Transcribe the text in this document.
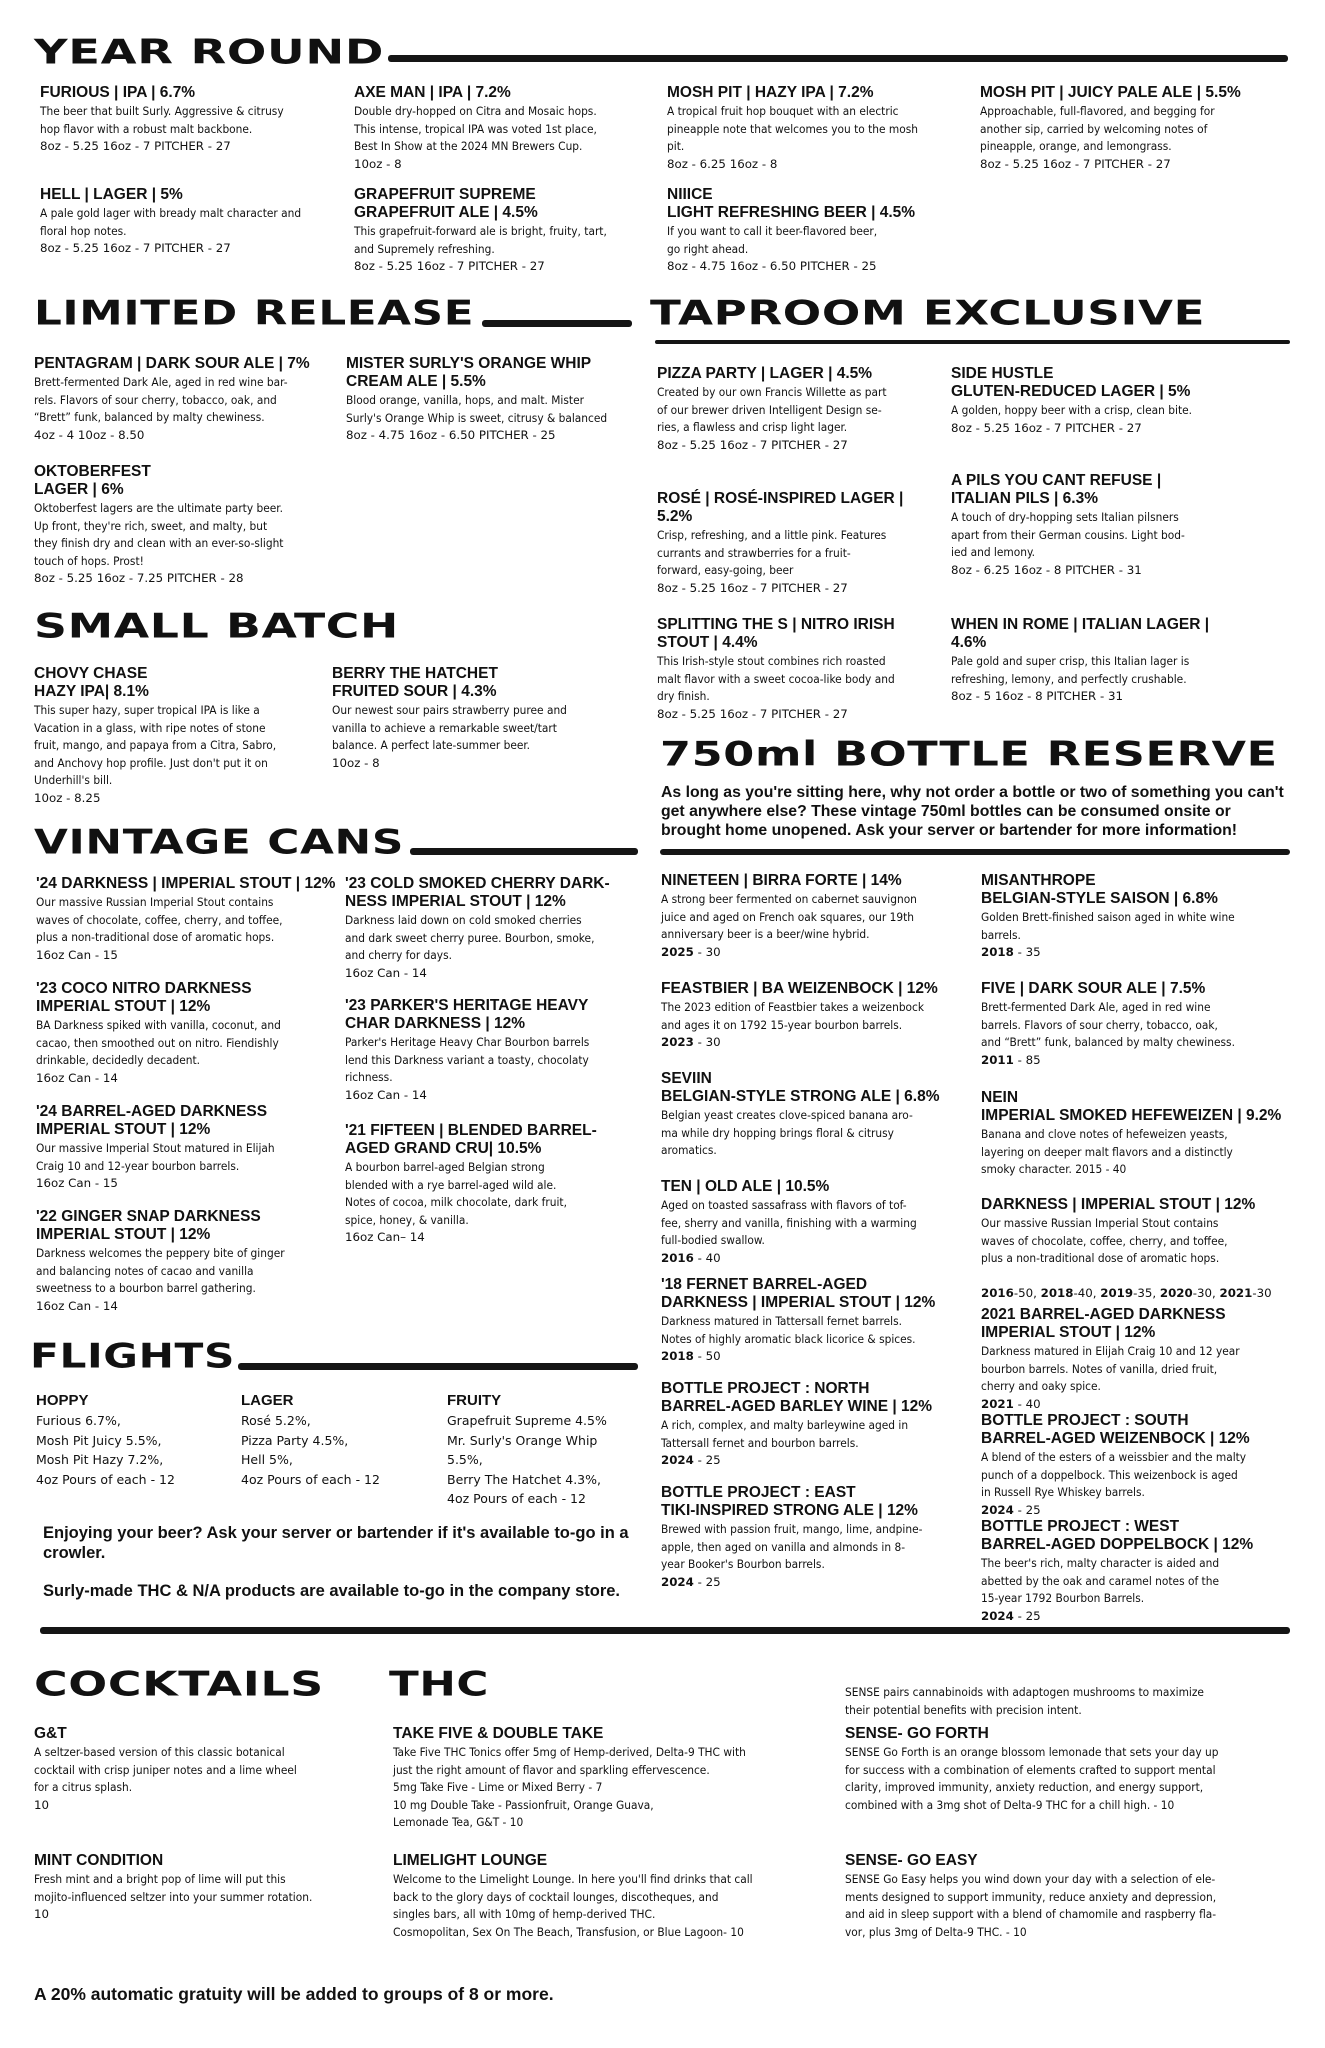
YEAR ROUND
FURIOUS | IPA | 6.7%
The beer that built Surly. Aggressive & citrusy
hop flavor with a robust malt backbone.
8oz - 5.25 16oz - 7 PITCHER - 27
AXE MAN | IPA | 7.2%
Double dry-hopped on Citra and Mosaic hops.
This intense, tropical IPA was voted 1st place,
Best In Show at the 2024 MN Brewers Cup.
10oz - 8
MOSH PIT | HAZY IPA | 7.2%
A tropical fruit hop bouquet with an electric
pineapple note that welcomes you to the mosh
pit.
8oz - 6.25 16oz - 8
MOSH PIT | JUICY PALE ALE | 5.5%
Approachable, full-flavored, and begging for
another sip, carried by welcoming notes of
pineapple, orange, and lemongrass.
8oz - 5.25 16oz - 7 PITCHER - 27
HELL | LAGER | 5%
A pale gold lager with bready malt character and
floral hop notes.
8oz - 5.25 16oz - 7 PITCHER - 27
GRAPEFRUIT SUPREME
GRAPEFRUIT ALE | 4.5%
This grapefruit-forward ale is bright, fruity, tart,
and Supremely refreshing.
8oz - 5.25 16oz - 7 PITCHER - 27
NIIICE
LIGHT REFRESHING BEER | 4.5%
If you want to call it beer-flavored beer,
go right ahead.
8oz - 4.75 16oz - 6.50 PITCHER - 25
LIMITED RELEASE
PENTAGRAM | DARK SOUR ALE | 7%
Brett-fermented Dark Ale, aged in red wine bar-
rels. Flavors of sour cherry, tobacco, oak, and
“Brett” funk, balanced by malty chewiness.
4oz - 4 10oz - 8.50
MISTER SURLY'S ORANGE WHIP
CREAM ALE | 5.5%
Blood orange, vanilla, hops, and malt. Mister
Surly's Orange Whip is sweet, citrusy & balanced
8oz - 4.75 16oz - 6.50 PITCHER - 25
OKTOBERFEST
LAGER | 6%
Oktoberfest lagers are the ultimate party beer.
Up front, they're rich, sweet, and malty, but
they finish dry and clean with an ever-so-slight
touch of hops. Prost!
8oz - 5.25 16oz - 7.25 PITCHER - 28
TAPROOM EXCLUSIVE
PIZZA PARTY | LAGER | 4.5%
Created by our own Francis Willette as part
of our brewer driven Intelligent Design se-
ries, a flawless and crisp light lager.
8oz - 5.25 16oz - 7 PITCHER - 27
SIDE HUSTLE
GLUTEN-REDUCED LAGER | 5%
A golden, hoppy beer with a crisp, clean bite.
8oz - 5.25 16oz - 7 PITCHER - 27
ROSÉ | ROSÉ-INSPIRED LAGER |
5.2%
Crisp, refreshing, and a little pink. Features
currants and strawberries for a fruit-
forward, easy-going, beer
8oz - 5.25 16oz - 7 PITCHER - 27
A PILS YOU CANT REFUSE |
ITALIAN PILS | 6.3%
A touch of dry-hopping sets Italian pilsners
apart from their German cousins. Light bod-
ied and lemony.
8oz - 6.25 16oz - 8 PITCHER - 31
SPLITTING THE S | NITRO IRISH
STOUT | 4.4%
This Irish-style stout combines rich roasted
malt flavor with a sweet cocoa-like body and
dry finish.
8oz - 5.25 16oz - 7 PITCHER - 27
WHEN IN ROME | ITALIAN LAGER |
4.6%
Pale gold and super crisp, this Italian lager is
refreshing, lemony, and perfectly crushable.
8oz - 5 16oz - 8 PITCHER - 31
SMALL BATCH
CHOVY CHASE
HAZY IPA| 8.1%
This super hazy, super tropical IPA is like a
Vacation in a glass, with ripe notes of stone
fruit, mango, and papaya from a Citra, Sabro,
and Anchovy hop profile. Just don't put it on
Underhill's bill.
10oz - 8.25
BERRY THE HATCHET
FRUITED SOUR | 4.3%
Our newest sour pairs strawberry puree and
vanilla to achieve a remarkable sweet/tart
balance. A perfect late-summer beer.
10oz - 8	750ml BOTTLE RESERVE
As long as you're sitting here, why not order a bottle or two of something you can't get anywhere else? These vintage 750ml bottles can be consumed onsite or brought home unopened. Ask your server or bartender for more information!
NINETEEN | BIRRA FORTE | 14%
A strong beer fermented on cabernet sauvignon
juice and aged on French oak squares, our 19th
anniversary beer is a beer/wine hybrid.
2025 - 30
FEASTBIER | BA WEIZENBOCK | 12%
The 2023 edition of Feastbier takes a weizenbock
and ages it on 1792 15-year bourbon barrels.
2023 - 30
SEVIIN
BELGIAN-STYLE STRONG ALE | 6.8%
Belgian yeast creates clove-spiced banana aro-
ma while dry hopping brings floral & citrusy
aromatics.
TEN | OLD ALE | 10.5%
Aged on toasted sassafrass with flavors of tof-
fee, sherry and vanilla, finishing with a warming
full-bodied swallow.
2016 - 40
'18 FERNET BARREL-AGED
DARKNESS | IMPERIAL STOUT | 12%
Darkness matured in Tattersall fernet barrels.
Notes of highly aromatic black licorice & spices.
2018 - 50
BOTTLE PROJECT : NORTH
BARREL-AGED BARLEY WINE | 12%
A rich, complex, and malty barleywine aged in
Tattersall fernet and bourbon barrels.
2024 - 25
BOTTLE PROJECT : EAST
TIKI-INSPIRED STRONG ALE | 12%
Brewed with passion fruit, mango, lime, andpine-
apple, then aged on vanilla and almonds in 8-
year Booker's Bourbon barrels.
2024 - 25
MISANTHROPE
BELGIAN-STYLE SAISON | 6.8%
Golden Brett-finished saison aged in white wine
barrels.
2018 - 35
FIVE | DARK SOUR ALE | 7.5%
Brett-fermented Dark Ale, aged in red wine
barrels. Flavors of sour cherry, tobacco, oak,
and “Brett” funk, balanced by malty chewiness.
2011 - 85
NEIN
IMPERIAL SMOKED HEFEWEIZEN | 9.2%
Banana and clove notes of hefeweizen yeasts,
layering on deeper malt flavors and a distinctly
smoky character. 2015 - 40
DARKNESS | IMPERIAL STOUT | 12%
Our massive Russian Imperial Stout contains
waves of chocolate, coffee, cherry, and toffee,
plus a non-traditional dose of aromatic hops.

2016-50, 2018-40, 2019-35, 2020-30, 2021-30

2021 BARREL-AGED DARKNESS
IMPERIAL STOUT | 12%
Darkness matured in Elijah Craig 10 and 12 year
bourbon barrels. Notes of vanilla, dried fruit,
cherry and oaky spice.
2021 - 40
BOTTLE PROJECT : SOUTH
BARREL-AGED WEIZENBOCK | 12%
A blend of the esters of a weissbier and the malty
punch of a doppelbock. This weizenbock is aged
in Russell Rye Whiskey barrels.
2024 - 25
BOTTLE PROJECT : WEST
BARREL-AGED DOPPELBOCK | 12%
The beer's rich, malty character is aided and
abetted by the oak and caramel notes of the
15-year 1792 Bourbon Barrels.
2024 - 25
VINTAGE CANS
'24 DARKNESS | IMPERIAL STOUT | 12%
Our massive Russian Imperial Stout contains
waves of chocolate, coffee, cherry, and toffee,
plus a non-traditional dose of aromatic hops.
16oz Can - 15
'23 COLD SMOKED CHERRY DARK-
NESS IMPERIAL STOUT | 12%
Darkness laid down on cold smoked cherries
and dark sweet cherry puree. Bourbon, smoke,
and cherry for days.
16oz Can - 14
'23 COCO NITRO DARKNESS
IMPERIAL STOUT | 12%
BA Darkness spiked with vanilla, coconut, and
cacao, then smoothed out on nitro. Fiendishly
drinkable, decidedly decadent.
16oz Can - 14
'23 PARKER'S HERITAGE HEAVY
CHAR DARKNESS | 12%
Parker's Heritage Heavy Char Bourbon barrels
lend this Darkness variant a toasty, chocolaty
richness.
16oz Can - 14
'24 BARREL-AGED DARKNESS
IMPERIAL STOUT | 12%
Our massive Imperial Stout matured in Elijah
Craig 10 and 12-year bourbon barrels.
16oz Can - 15
'21 FIFTEEN | BLENDED BARREL-
AGED GRAND CRU| 10.5%
A bourbon barrel-aged Belgian strong
blended with a rye barrel-aged wild ale.
Notes of cocoa, milk chocolate, dark fruit,
spice, honey, & vanilla.
16oz Can– 14
'22 GINGER SNAP DARKNESS
IMPERIAL STOUT | 12%
Darkness welcomes the peppery bite of ginger
and balancing notes of cacao and vanilla
sweetness to a bourbon barrel gathering.
16oz Can - 14
FLIGHTS
HOPPY
Furious 6.7%,
Mosh Pit Juicy 5.5%,
Mosh Pit Hazy 7.2%,
4oz Pours of each - 12
LAGER
Rosé 5.2%,
Pizza Party 4.5%,
Hell 5%,
4oz Pours of each - 12
FRUITY
Grapefruit Supreme 4.5%
Mr. Surly's Orange Whip
5.5%,
Berry The Hatchet 4.3%,
4oz Pours of each - 12
Enjoying your beer? Ask your server or bartender if it's available to-go in a crowler.
Surly-made THC & N/A products are available to-go in the company store.
COCKTAILS
G&T
A seltzer-based version of this classic botanical
cocktail with crisp juniper notes and a lime wheel
for a citrus splash.
10
MINT CONDITION
Fresh mint and a bright pop of lime will put this
mojito-influenced seltzer into your summer rotation.
10
THC
TAKE FIVE & DOUBLE TAKE
Take Five THC Tonics offer 5mg of Hemp-derived, Delta-9 THC with
just the right amount of flavor and sparkling effervescence.
5mg Take Five - Lime or Mixed Berry - 7
10 mg Double Take - Passionfruit, Orange Guava,
Lemonade Tea, G&T - 10
LIMELIGHT LOUNGE
Welcome to the Limelight Lounge. In here you'll find drinks that call
back to the glory days of cocktail lounges, discotheques, and
singles bars, all with 10mg of hemp-derived THC.
Cosmopolitan, Sex On The Beach, Transfusion, or Blue Lagoon- 10
SENSE pairs cannabinoids with adaptogen mushrooms to maximize
their potential benefits with precision intent.
SENSE- GO FORTH
SENSE Go Forth is an orange blossom lemonade that sets your day up
for success with a combination of elements crafted to support mental
clarity, improved immunity, anxiety reduction, and energy support,
combined with a 3mg shot of Delta-9 THC for a chill high. - 10
SENSE- GO EASY
SENSE Go Easy helps you wind down your day with a selection of ele-
ments designed to support immunity, reduce anxiety and depression,
and aid in sleep support with a blend of chamomile and raspberry fla-
vor, plus 3mg of Delta-9 THC. - 10
A 20% automatic gratuity will be added to groups of 8 or more.
